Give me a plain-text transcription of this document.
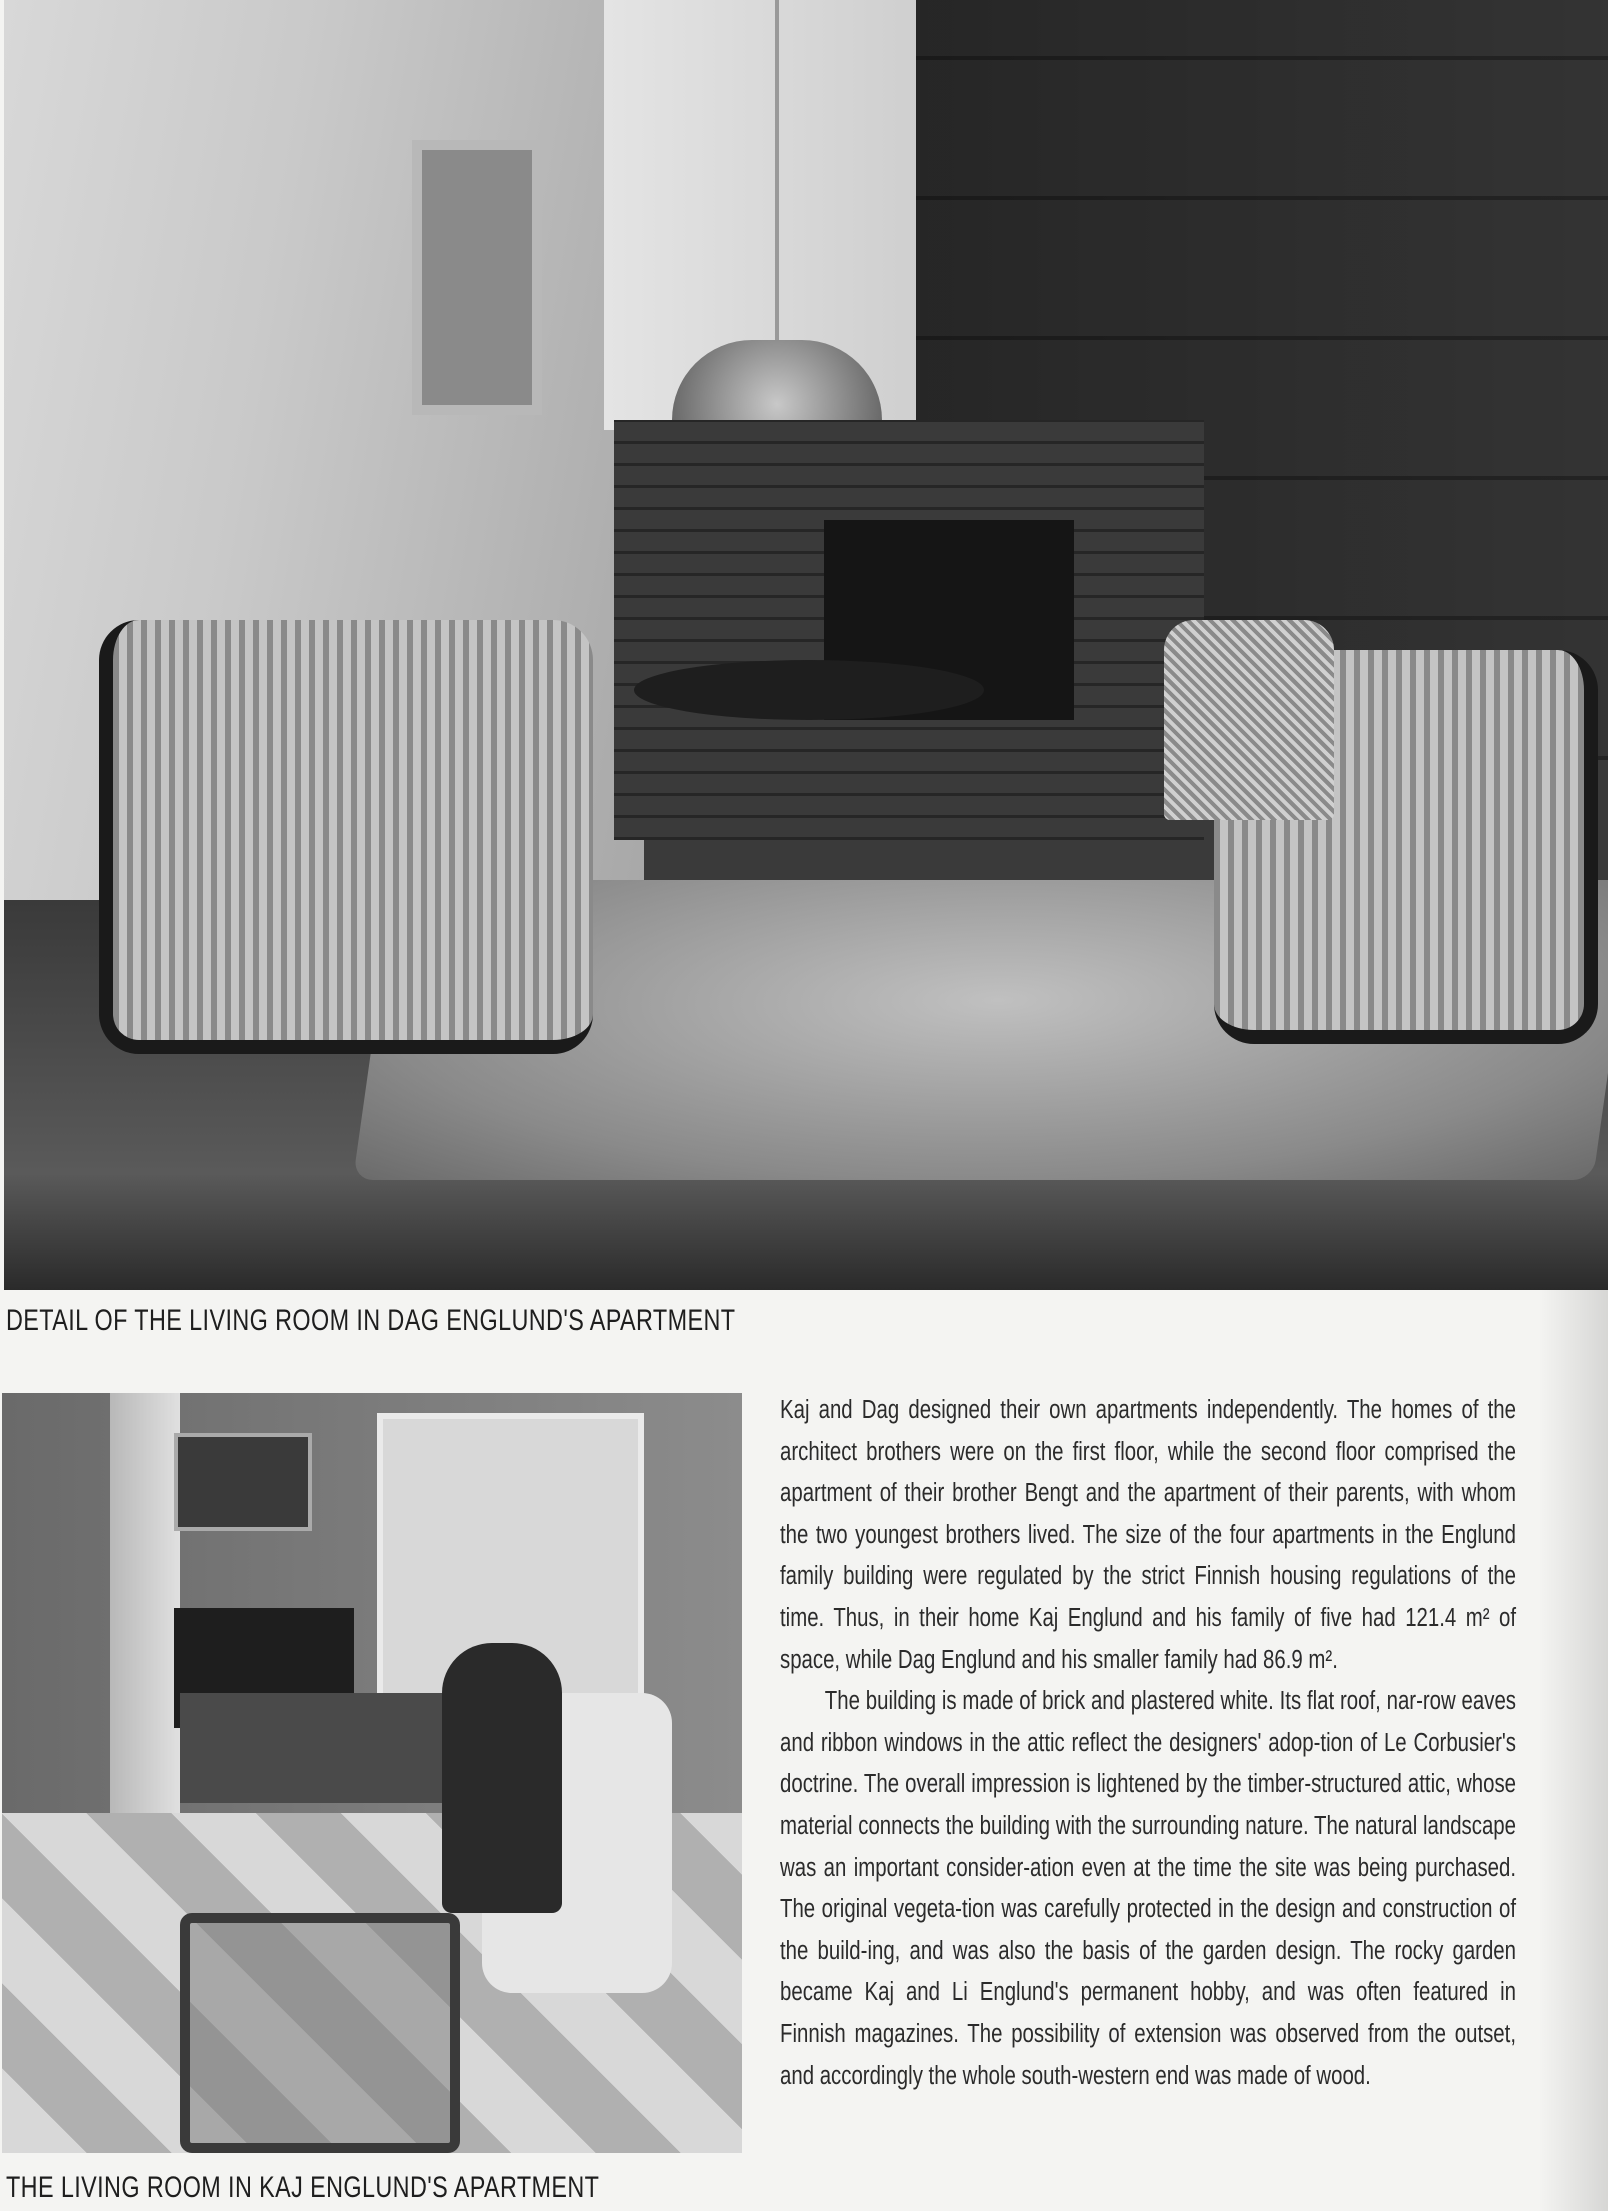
DETAIL OF THE LIVING ROOM IN DAG ENGLUND'S APARTMENT
THE LIVING ROOM IN KAJ ENGLUND'S APARTMENT

Kaj and Dag designed their own apartments independently. The homes of the architect brothers were on the first floor, while the second floor comprised the apartment of their brother Bengt and the apartment of their parents, with whom the two youngest brothers lived. The size of the four apartments in the Englund family building were regulated by the strict Finnish housing regulations of the time. Thus, in their home Kaj Englund and his family of five had 121.4 m² of space, while Dag Englund and his smaller family had 86.9 m².

The building is made of brick and plastered white. Its flat roof, nar-row eaves and ribbon windows in the attic reflect the designers' adop-tion of Le Corbusier's doctrine. The overall impression is lightened by the timber-structured attic, whose material connects the building with the surrounding nature. The natural landscape was an important consider-ation even at the time the site was being purchased. The original vegeta-tion was carefully protected in the design and construction of the build-ing, and was also the basis of the garden design. The rocky garden became Kaj and Li Englund's permanent hobby, and was often featured in Finnish magazines. The possibility of extension was observed from the outset, and accordingly the whole south-western end was made of wood.
